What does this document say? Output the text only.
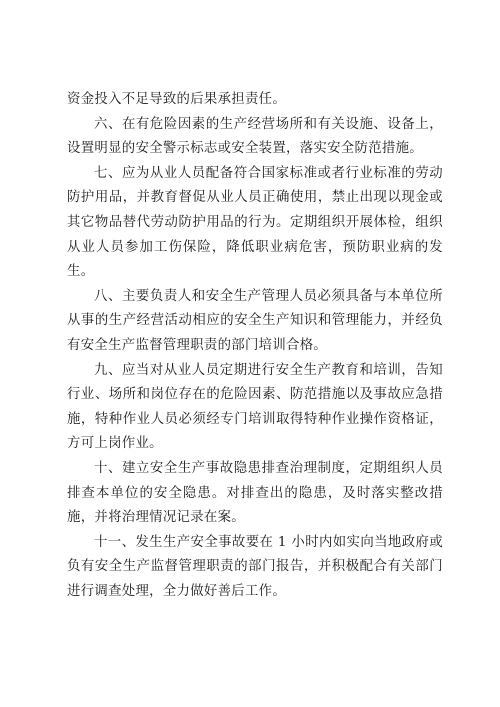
资金投入不足导致的后果承担责任。

六、在有危险因素的生产经营场所和有关设施、设备上，设置明显的安全警示标志或安全装置，落实安全防范措施。

七、应为从业人员配备符合国家标准或者行业标准的劳动防护用品，并教育督促从业人员正确使用，禁止出现以现金或其它物品替代劳动防护用品的行为。定期组织开展体检，组织从业人员参加工伤保险，降低职业病危害，预防职业病的发生。

八、主要负责人和安全生产管理人员必须具备与本单位所从事的生产经营活动相应的安全生产知识和管理能力，并经负有安全生产监督管理职责的部门培训合格。

九、应当对从业人员定期进行安全生产教育和培训，告知行业、场所和岗位存在的危险因素、防范措施以及事故应急措施，特种作业人员必须经专门培训取得特种作业操作资格证，方可上岗作业。

十、建立安全生产事故隐患排查治理制度，定期组织人员排查本单位的安全隐患。对排查出的隐患，及时落实整改措施，并将治理情况记录在案。

十一、发生生产安全事故要在 1 小时内如实向当地政府或负有安全生产监督管理职责的部门报告，并积极配合有关部门进行调查处理，全力做好善后工作。
